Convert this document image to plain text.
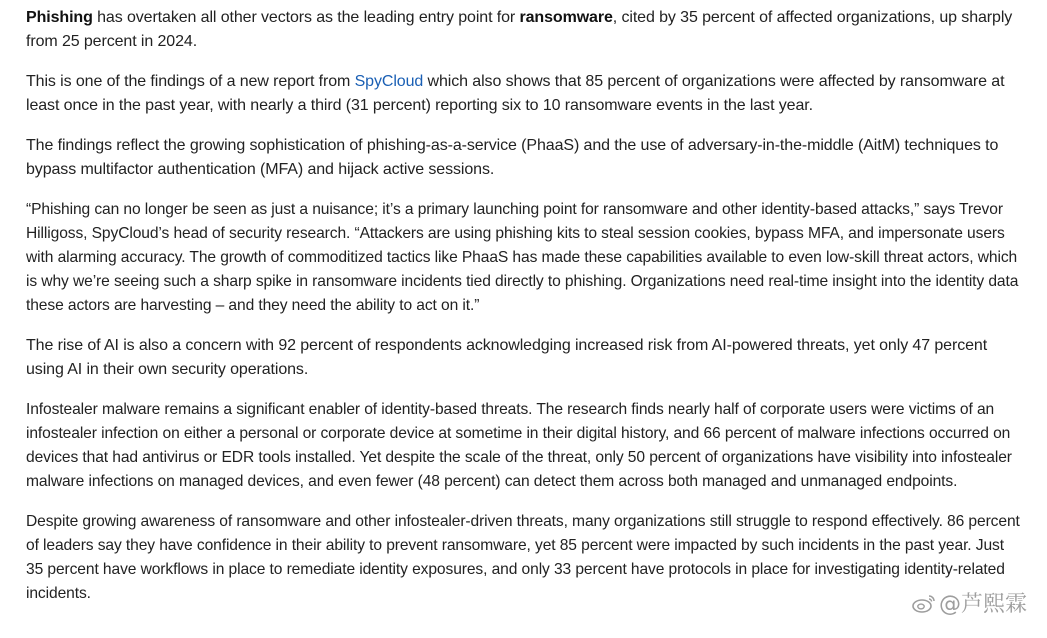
Phishing has overtaken all other vectors as the leading entry point for ransomware, cited by 35 percent of affected organizations, up sharply from 25 percent in 2024.

This is one of the findings of a new report from SpyCloud which also shows that 85 percent of organizations were affected by ransomware at least once in the past year, with nearly a third (31 percent) reporting six to 10 ransomware events in the last year.

The findings reflect the growing sophistication of phishing-as-a-service (PhaaS) and the use of adversary-in-the-middle (AitM) techniques to bypass multifactor authentication (MFA) and hijack active sessions.

“Phishing can no longer be seen as just a nuisance; it’s a primary launching point for ransomware and other identity-based attacks,” says Trevor Hilligoss, SpyCloud’s head of security research. “Attackers are using phishing kits to steal session cookies, bypass MFA, and impersonate users with alarming accuracy. The growth of commoditized tactics like PhaaS has made these capabilities available to even low-skill threat actors, which is why we’re seeing such a sharp spike in ransomware incidents tied directly to phishing. Organizations need real-time insight into the identity data these actors are harvesting – and they need the ability to act on it.”

The rise of AI is also a concern with 92 percent of respondents acknowledging increased risk from AI-powered threats, yet only 47 percent using AI in their own security operations.

Infostealer malware remains a significant enabler of identity-based threats. The research finds nearly half of corporate users were victims of an infostealer infection on either a personal or corporate device at sometime in their digital history, and 66 percent of malware infections occurred on devices that had antivirus or EDR tools installed. Yet despite the scale of the threat, only 50 percent of organizations have visibility into infostealer malware infections on managed devices, and even fewer (48 percent) can detect them across both managed and unmanaged endpoints.

Despite growing awareness of ransomware and other infostealer-driven threats, many organizations still struggle to respond effectively. 86 percent of leaders say they have confidence in their ability to prevent ransomware, yet 85 percent were impacted by such incidents in the past year. Just 35 percent have workflows in place to remediate identity exposures, and only 33 percent have protocols in place for investigating identity-related incidents.	@芦熙霖
